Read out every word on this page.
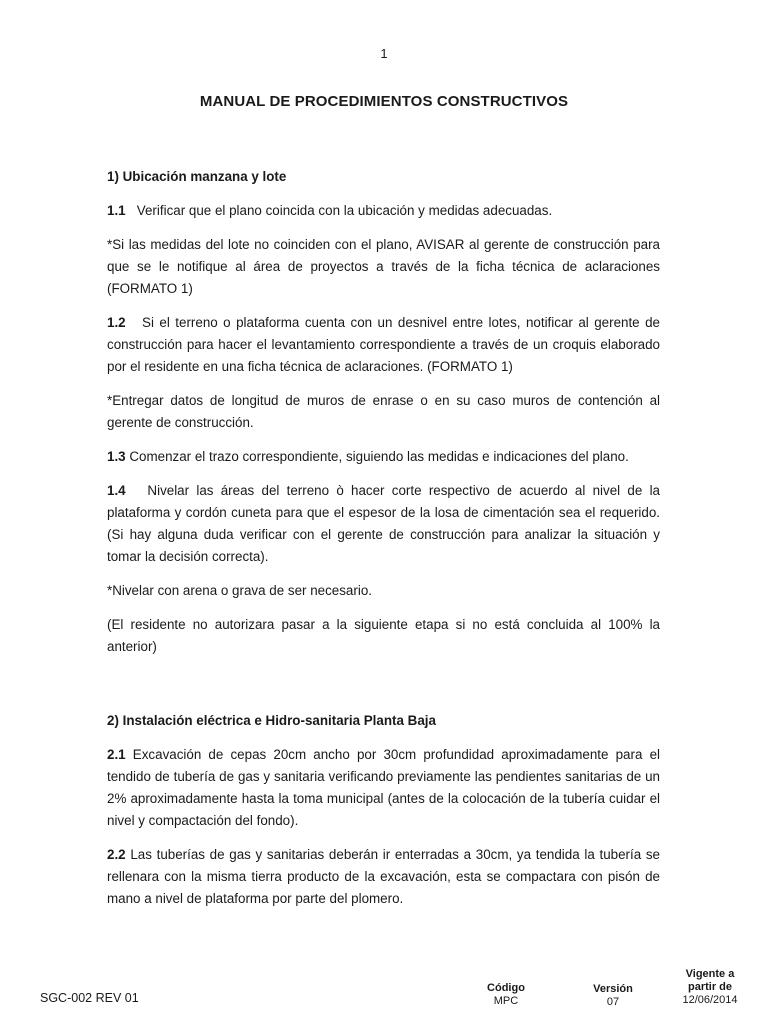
1
MANUAL DE PROCEDIMIENTOS CONSTRUCTIVOS
1) Ubicación manzana y lote

1.1 Verificar que el plano coincida con la ubicación y medidas adecuadas.

*Si las medidas del lote no coinciden con el plano, AVISAR al gerente de construcción para que se le notifique al área de proyectos a través de la ficha técnica de aclaraciones (FORMATO 1)

1.2 Si el terreno o plataforma cuenta con un desnivel entre lotes, notificar al gerente de construcción para hacer el levantamiento correspondiente a través de un croquis elaborado por el residente en una ficha técnica de aclaraciones. (FORMATO 1)

*Entregar datos de longitud de muros de enrase o en su caso muros de contención al gerente de construcción.

1.3 Comenzar el trazo correspondiente, siguiendo las medidas e indicaciones del plano.

1.4 Nivelar las áreas del terreno ò hacer corte respectivo de acuerdo al nivel de la plataforma y cordón cuneta para que el espesor de la losa de cimentación sea el requerido. (Si hay alguna duda verificar con el gerente de construcción para analizar la situación y tomar la decisión correcta).

*Nivelar con arena o grava de ser necesario.

(El residente no autorizara pasar a la siguiente etapa si no está concluida al 100% la anterior)

2) Instalación eléctrica e Hidro-sanitaria Planta Baja

2.1 Excavación de cepas 20cm ancho por 30cm profundidad aproximadamente para el tendido de tubería de gas y sanitaria verificando previamente las pendientes sanitarias de un 2% aproximadamente hasta la toma municipal (antes de la colocación de la tubería cuidar el nivel y compactación del fondo).

2.2 Las tuberías de gas y sanitarias deberán ir enterradas a 30cm, ya tendida la tubería se rellenara con la misma tierra producto de la excavación, esta se compactara con pisón de mano a nivel de plataforma por parte del plomero.

SGC-002 REV 01
Código
MPC
Versión
07
Vigente a
partir de
12/06/2014
